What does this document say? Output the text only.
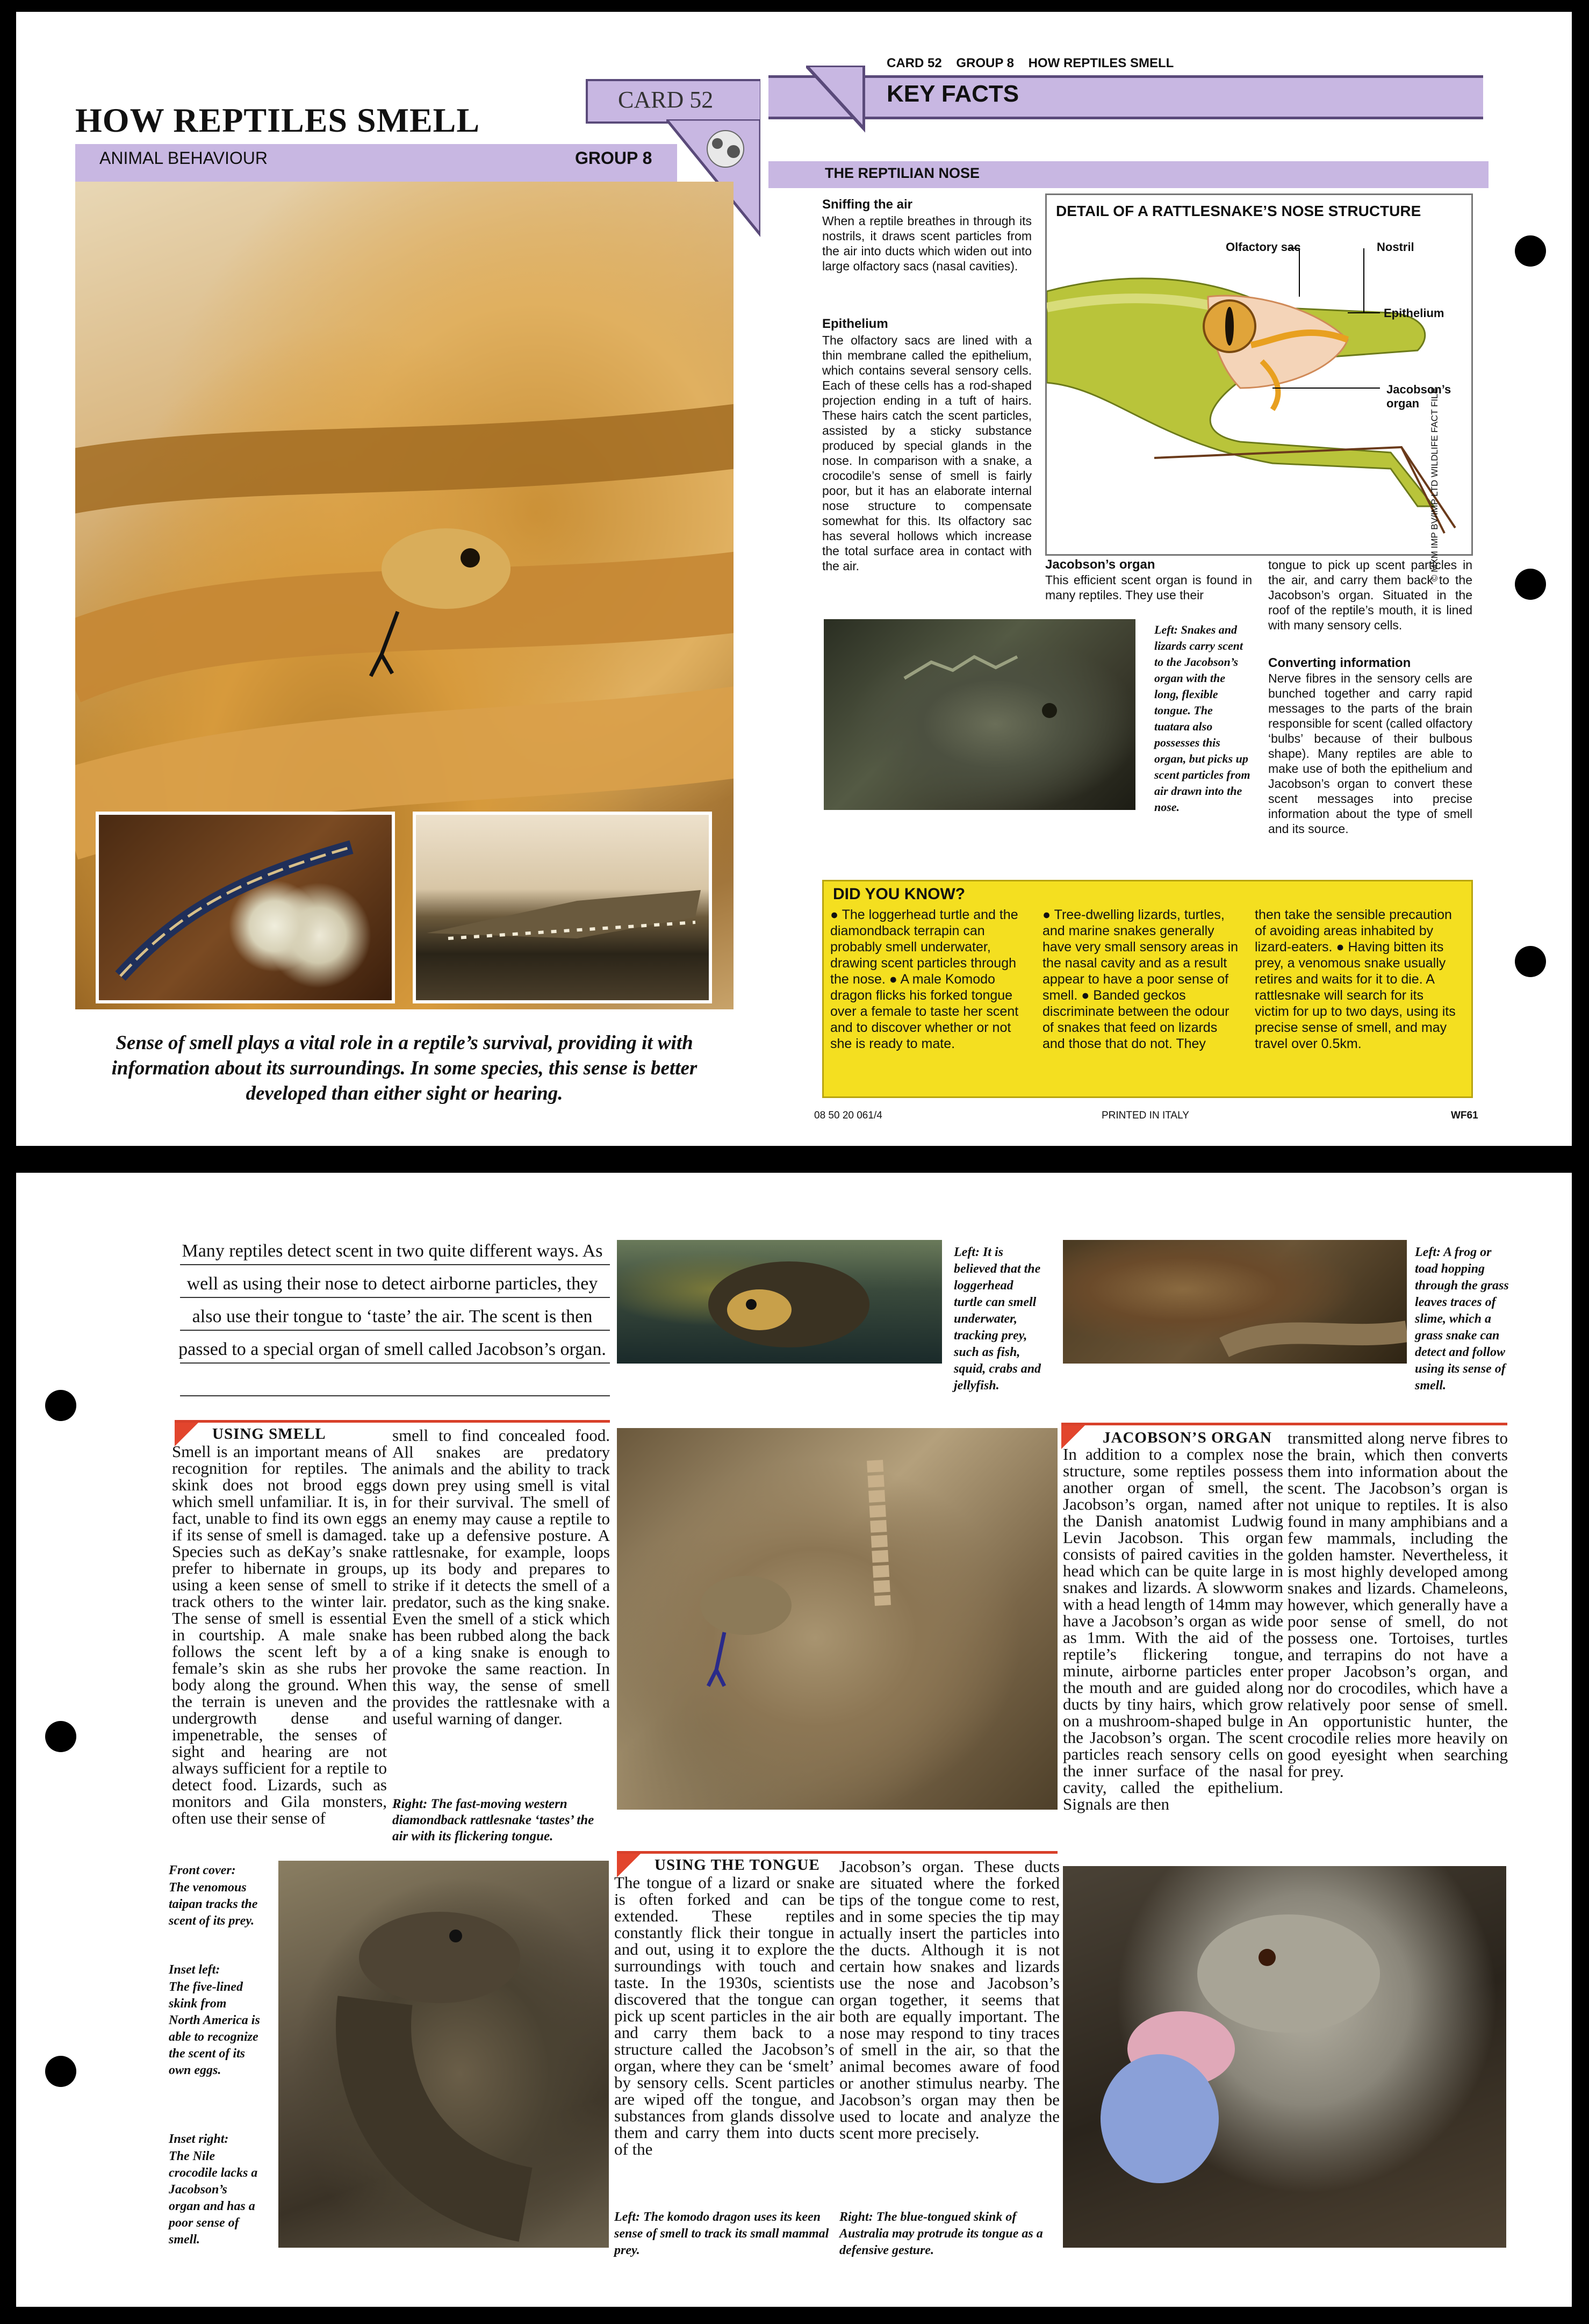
HOW REPTILES SMELL
ANIMAL BEHAVIOUR	GROUP 8
CARD 52
Sense of smell plays a vital role in a reptile’s survival, providing it with information about its surroundings. In some species, this sense is better developed than either sight or hearing.
CARD 52    GROUP 8    HOW REPTILES SMELL
KEY FACTS
THE REPTILIAN NOSE
Sniffing the air
When a reptile breathes in through its nostrils, it draws scent particles from the air into ducts which widen out into large olfactory sacs (nasal cavities).
Epithelium
The olfactory sacs are lined with a thin membrane called the epithelium, which contains several sensory cells. Each of these cells has a rod-shaped projection ending in a tuft of hairs. These hairs catch the scent particles, assisted by a sticky substance produced by special glands in the nose. In comparison with a snake, a crocodile’s sense of smell is fairly poor, but it has an elaborate internal nose structure to compensate somewhat for this. Its olfactory sac has several hollows which increase the total surface area in contact with the air.
DETAIL OF A RATTLESNAKE’S NOSE STRUCTURE
Olfactory sac	Nostril
Epithelium
Jacobson’s
organ
Jacobson’s organ
This efficient scent organ is found in many reptiles. They use their
tongue to pick up scent particles in the air, and carry them back to the Jacobson’s organ. Situated in the roof of the reptile’s mouth, it is lined with many sensory cells.
Left: Snakes and lizards carry scent to the Jacobson’s organ with the long, flexible tongue. The tuatara also possesses this organ, but picks up scent particles from air drawn into the nose.
Converting information
Nerve fibres in the sensory cells are bunched together and carry rapid messages to the parts of the brain responsible for scent (called olfactory ‘bulbs’ because of their bulbous shape). Many reptiles are able to make use of both the epithelium and Jacobson’s organ to convert these scent messages into precise information about the type of smell and its source.
DID YOU KNOW?
● The loggerhead turtle and the diamondback terrapin can probably smell underwater, drawing scent particles through the nose. ● A male Komodo dragon flicks his forked tongue over a female to taste her scent and to discover whether or not she is ready to mate.
● Tree-dwelling lizards, turtles, and marine snakes generally have very small sensory areas in the nasal cavity and as a result appear to have a poor sense of smell. ● Banded geckos discriminate between the odour of snakes that feed on lizards and those that do not. They
then take the sensible precaution of avoiding areas inhabited by lizard-eaters. ● Having bitten its prey, a venomous snake usually retires and waits for it to die. A rattlesnake will search for its victim for up to two days, using its precise sense of smell, and may travel over 0.5km.
08 50 20 061/4	PRINTED IN ITALY	WF61
© MXM IMP BV/IMP LTD WILDLIFE FACT FILE
Many reptiles detect scent in two quite different ways. As well as using their nose to detect airborne particles, they also use their tongue to ‘taste’ the air. The scent is then passed to a special organ of smell called Jacobson’s organ.
USING SMELL
Smell is an important means of recognition for reptiles. The skink does not brood eggs which smell unfamiliar. It is, in fact, unable to find its own eggs if its sense of smell is damaged. Species such as deKay’s snake prefer to hibernate in groups, using a keen sense of smell to track others to the winter lair. The sense of smell is essential in courtship. A male snake follows the scent left by a female’s skin as she rubs her body along the ground. When the terrain is uneven and the undergrowth dense and impenetrable, the senses of sight and hearing are not always sufficient for a reptile to detect food. Lizards, such as monitors and Gila monsters, often use their sense of
smell to find concealed food. All snakes are predatory animals and the ability to track down prey using smell is vital for their survival. The smell of an enemy may cause a reptile to take up a defensive posture. A rattlesnake, for example, loops up its body and prepares to strike if it detects the smell of a predator, such as the king snake. Even the smell of a stick which has been rubbed along the back of a king snake is enough to provoke the same reaction. In this way, the sense of smell provides the rattlesnake with a useful warning of danger.
Right: The fast-moving western diamondback rattlesnake ‘tastes’ the air with its flickering tongue.
Left: It is believed that the loggerhead turtle can smell underwater, tracking prey, such as fish, squid, crabs and jellyfish.
Left: A frog or toad hopping through the grass leaves traces of slime, which a grass snake can detect and follow using its sense of smell.
JACOBSON’S ORGAN
In addition to a complex nose structure, some reptiles possess another organ of smell, the Jacobson’s organ, named after the Danish anatomist Ludwig Levin Jacobson. This organ consists of paired cavities in the head which can be quite large in snakes and lizards. A slowworm with a head length of 14mm may have a Jacobson’s organ as wide as 1mm. With the aid of the reptile’s flickering tongue, minute, airborne particles enter the mouth and are guided along ducts by tiny hairs, which grow on a mushroom-shaped bulge in the Jacobson’s organ. The scent particles reach sensory cells on the inner surface of the nasal cavity, called the epithelium. Signals are then
transmitted along nerve fibres to the brain, which then converts them into information about the scent. The Jacobson’s organ is not unique to reptiles. It is also found in many amphibians and a few mammals, including the golden hamster. Nevertheless, it is most highly developed among snakes and lizards. Chameleons, however, which generally have a poor sense of smell, do not possess one. Tortoises, turtles and terrapins do not have a proper Jacobson’s organ, and nor do crocodiles, which have a relatively poor sense of smell. An opportunistic hunter, the crocodile relies more heavily on good eyesight when searching for prey.
Front cover:
The venomous taipan tracks the scent of its prey.
Inset left:
The five-lined skink from North America is able to recognize the scent of its own eggs.
Inset right:
The Nile crocodile lacks a Jacobson’s organ and has a poor sense of smell.
USING THE TONGUE
The tongue of a lizard or snake is often forked and can be extended. These reptiles constantly flick their tongue in and out, using it to explore the surroundings with touch and taste. In the 1930s, scientists discovered that the tongue can pick up scent particles in the air and carry them back to a structure called the Jacobson’s organ, where they can be ‘smelt’ by sensory cells. Scent particles are wiped off the tongue, and substances from glands dissolve them and carry them into ducts of the
Jacobson’s organ. These ducts are situated where the forked tips of the tongue come to rest, and in some species the tip may actually insert the particles into the ducts. Although it is not certain how snakes and lizards use the nose and Jacobson’s organ together, it seems that both are equally important. The nose may respond to tiny traces of smell in the air, so that the animal becomes aware of food or another stimulus nearby. The Jacobson’s organ may then be used to locate and analyze the scent more precisely.
Left: The komodo dragon uses its keen sense of smell to track its small mammal prey.
Right: The blue-tongued skink of Australia may protrude its tongue as a defensive gesture.
